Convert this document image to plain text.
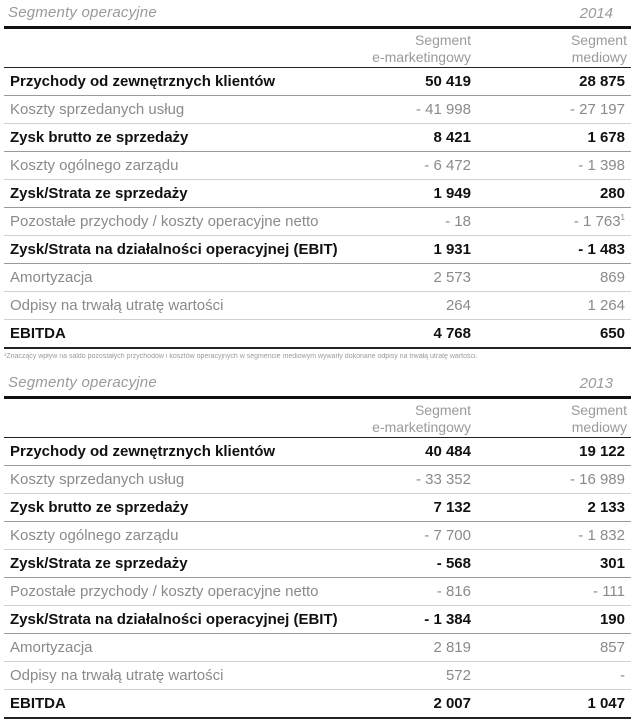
Segmenty operacyjne	2014
Segment
e-marketingowy
Segment
mediowy
Przychody od zewnętrznych klientów	50 419	28 875
Koszty sprzedanych usług	- 41 998	- 27 197
Zysk brutto ze sprzedaży	8 421	1 678
Koszty ogólnego zarządu	- 6 472	- 1 398
Zysk/Strata ze sprzedaży	1 949	280
Pozostałe przychody / koszty operacyjne netto	- 18	- 1 $763^1$
Zysk/Strata na działalności operacyjnej (EBIT)	1 931	- 1 483
Amortyzacja	2 573	869
Odpisy na trwałą utratę wartości	264	1 264
EBITDA	4 768	650
¹Znaczący wpływ na saldo pozostałych przychodów i kosztów operacyjnych w segmencie mediowym wywarły dokonane odpisy na trwałą utratę wartości.
Segmenty operacyjne	2013
Segment
e-marketingowy
Segment
mediowy
Przychody od zewnętrznych klientów	40 484	19 122
Koszty sprzedanych usług	- 33 352	- 16 989
Zysk brutto ze sprzedaży	7 132	2 133
Koszty ogólnego zarządu	- 7 700	- 1 832
Zysk/Strata ze sprzedaży	- 568	301
Pozostałe przychody / koszty operacyjne netto	- 816	- 111
Zysk/Strata na działalności operacyjnej (EBIT)	- 1 384	190
Amortyzacja	2 819	857
Odpisy na trwałą utratę wartości	572	-
EBITDA	2 007	1 047
